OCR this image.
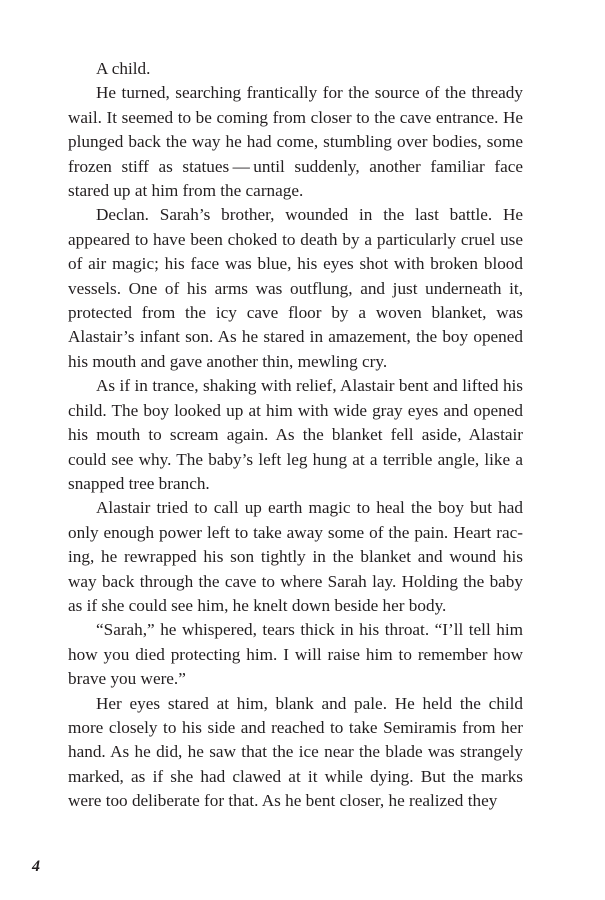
A child.

He turned, searching frantically for the source of the thready wail. It seemed to be coming from closer to the cave entrance. He plunged back the way he had come, stumbling over bodies, some frozen stiff as statues — until suddenly, another familiar face stared up at him from the carnage.

Declan. Sarah’s brother, wounded in the last battle. He appeared to have been choked to death by a particularly cruel use of air magic; his face was blue, his eyes shot with broken blood vessels. One of his arms was outflung, and just underneath it, protected from the icy cave floor by a woven blanket, was Alastair’s infant son. As he stared in amazement, the boy opened his mouth and gave another thin, mewling cry.

As if in trance, shaking with relief, Alastair bent and lifted his child. The boy looked up at him with wide gray eyes and opened his mouth to scream again. As the blanket fell aside, Alastair could see why. The baby’s left leg hung at a terrible angle, like a snapped tree branch.

Alastair tried to call up earth magic to heal the boy but had only enough power left to take away some of the pain. Heart racing, he rewrapped his son tightly in the blanket and wound his way back through the cave to where Sarah lay. Holding the baby as if she could see him, he knelt down beside her body.

“Sarah,” he whispered, tears thick in his throat. “I’ll tell him how you died protecting him. I will raise him to remember how brave you were.”

Her eyes stared at him, blank and pale. He held the child more closely to his side and reached to take Semiramis from her hand. As he did, he saw that the ice near the blade was strangely marked, as if she had clawed at it while dying. But the marks were too deliberate for that. As he bent closer, he realized they

4
